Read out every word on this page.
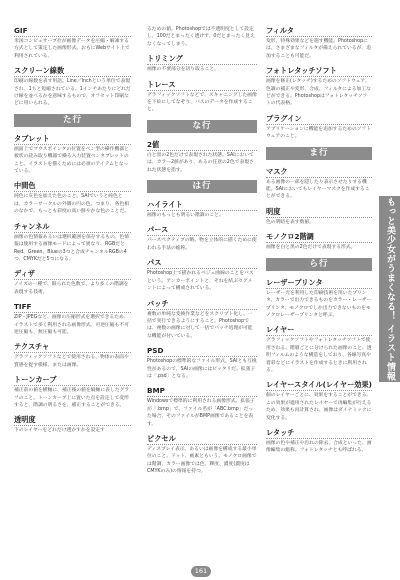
GIF
米国コンピュサーブ社が画像データを圧縮・解凍する方式として策定した画像形式。おもにWebサイト上で利用されている。
スクリーン線数
印刷の線数を表す用語。Line／Inchという単位で表現され、1ちと短縮されている。1インチあたりにどれだけ線を並べるかを意味するもので、オフセット印刷などに用いられる。
た行
タブレット
画面上でマウスポインタの位置をペン型の操作機器と板状の読み取り機器で操る入力装置ペンタブレットのこと。イラストを描くためには必須のアイテムとなっている。
中間色
純色に灰色を加えた色のこと。SAIでいうと純色とは、カラーサークルの外側の円の色。つまり、各色相のなかで、もっとも彩度の高い鮮やかな色のことだ。
チャンネル
画像の色情報あるいは選択範囲を保存するもの。色情報は使用する画像モードによって異なり、RGBだとRed、Green、Blueの3つと合成チャンネルRGBの4つ、CMYKだと5つになる。
ディザ
ノイズの一種で、限られた色数で、より多くの階調を表現する技術。
TIFF
ZIP・JPEGなど、画像の圧縮形式を選択できるため、イラストで多く利用される画像形式。可逆圧縮も不可逆圧縮も、無圧縮も可能。
テクスチャ
グラフィックソフトなどで使用される、物体の表面や質感を捉す模様、または画像。
トーンカーブ
補正前の値を横軸に、補正後の値を縦軸に表したグラフのこと。トーンカーブ上に置いた点を設定して変形すると、階調の明るさを、補正することができる。
透明度
下のレイヤーをどれだけ透かすかを設定す
るための値。Photoshopでは不透明度として設定し、100だとまったく透けず、0だとまったく見えなくなってしまう。
トリミング
画像の不要部分を切り取ること。
トレース
グラフィックソフトなどで、スキャニングした画像を下絵にしてなぞり、パスのデータを作成すること。
な行
2値
白と黒の2色だけで表現された状態。SAIにおいては、カラー2値があり、あるの任意の2色で表現された状態を指す。
は行
ハイライト
画像のもっとも明るい階調のこと。
パース
パースペクティブの略。物を立体的に描くために使われる手法の総称。
パス
Photoshop上で描かれるベジェ曲線のことをパスという。アンカーポイントと、それを結ぶセグメントによって構成されている。
バッチ
複数の単純な変換作業などをスクリプト化し、一括で実行できるようにすること。Photoshopでは、複数の画像に対して一括でバッチ処理が可能な機能が付いている。
PSD
Photoshopの標準的なファイル形式。SAIとも互換性があるので、SAIの画像にはピッタリだ。拡張子は「.psd」となる。
BMP
Windowsで標準的に利用される画像形式。拡張子が「.bmp」で、ファイル名が「ABC.bmp」だった場合、そのファイルがBMP画像であることを表す。
ピクセル
ディスプレイ表示、あるいは画像を構成する最小単位のこと。ドット、画素ともいう。モノクロ画像では階調、カラー画像では色、輝度、濃度(濃度はCMYKのみ)の情報を持つ。
フィルタ
変形、特殊効果などを施す機能。Photoshopには、さまざまなフィルタが備えられているが、追加することも可能だ。
フォトレタッチソフト
画像を修正(レタッチ)するためのソフトウェア。色調の補正や変形、合成、フィルタによる加工などができる。Photoshopはフォトレタッチソフトの代表格。
プラグイン
アプリケーションに機能を追加するためのソフトウェアのこと。
ま行
マスク
ある画像の一部を隠したり表示させたりする機能。SAIにおいてもレイヤーマスクを作成することができる。
明度
色の明暗を表す数値。
モノクロ2階調
画像を白と黒の2色だけで表現する形式。
ら行
レーザープリンタ
レーザー光を利用した印刷技術を用いたプリンタ。カラーで出力できるものをカラー・レーザープリンタ、モノクロでしか出力できないものをモノクロレーザープリンタと呼ぶ。
レイヤー
グラフィックソフトやフォトレタッチソフトで使用される、階層ごとに分けられた画像のこと。透明フィルムのような構造をしており、各線写真や着彩などにイラストを作成するときに利用される。
レイヤースタイル(レイヤー効果)
個のレイヤーごとに、効果をすることができる。この効果が適用されたレイヤーで再編集が行えるため、効果も再計算され、画像はダイナミックに変化する。
レタッチ
画像の色や補正や汚れの除去、合成といった、画像編集の総称。フォトレタッチとも呼ばれる。
もっと美少女がうまくなる！ イラスト情報
161
